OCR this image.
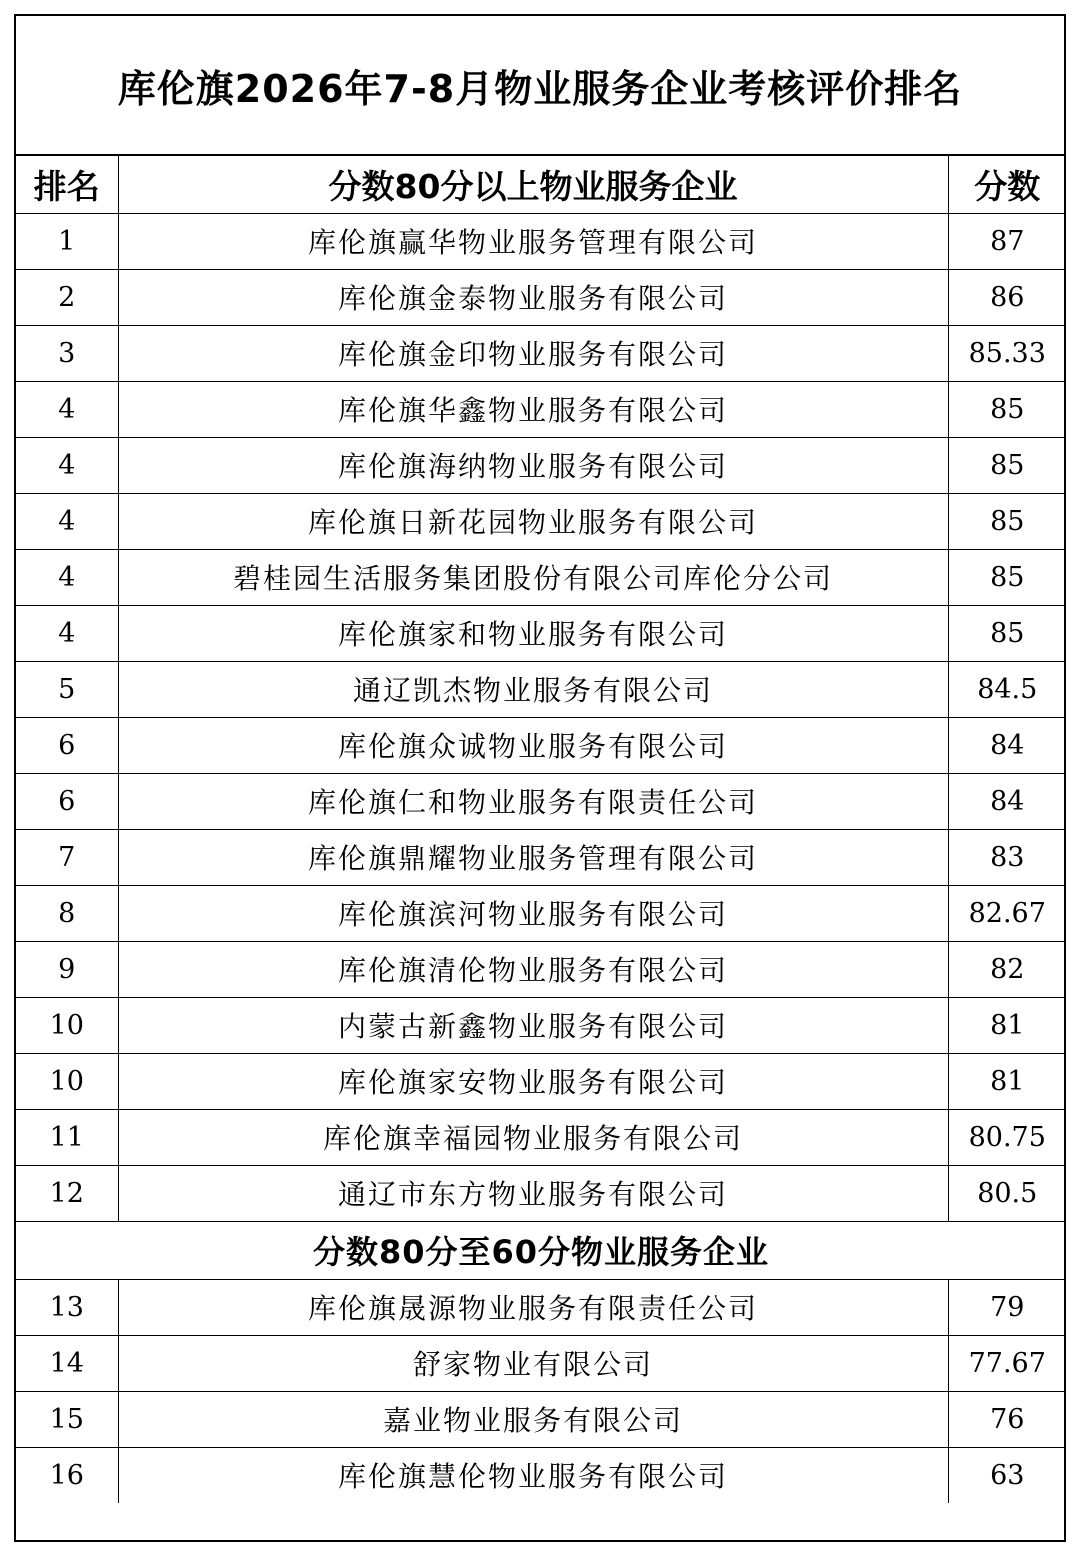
库伦旗2026年7-8月物业服务企业考核评价排名
排名	分数80分以上物业服务企业	分数
1	库伦旗赢华物业服务管理有限公司	87
2	库伦旗金泰物业服务有限公司	86
3	库伦旗金印物业服务有限公司	85.33
4	库伦旗华鑫物业服务有限公司	85
4	库伦旗海纳物业服务有限公司	85
4	库伦旗日新花园物业服务有限公司	85
4	碧桂园生活服务集团股份有限公司库伦分公司	85
4	库伦旗家和物业服务有限公司	85
5	通辽凯杰物业服务有限公司	84.5
6	库伦旗众诚物业服务有限公司	84
6	库伦旗仁和物业服务有限责任公司	84
7	库伦旗鼎耀物业服务管理有限公司	83
8	库伦旗滨河物业服务有限公司	82.67
9	库伦旗清伦物业服务有限公司	82
10	内蒙古新鑫物业服务有限公司	81
10	库伦旗家安物业服务有限公司	81
11	库伦旗幸福园物业服务有限公司	80.75
12	通辽市东方物业服务有限公司	80.5
分数80分至60分物业服务企业		
13	库伦旗晟源物业服务有限责任公司	79
14	舒家物业有限公司	77.67
15	嘉业物业服务有限公司	76
16	库伦旗慧伦物业服务有限公司	63
